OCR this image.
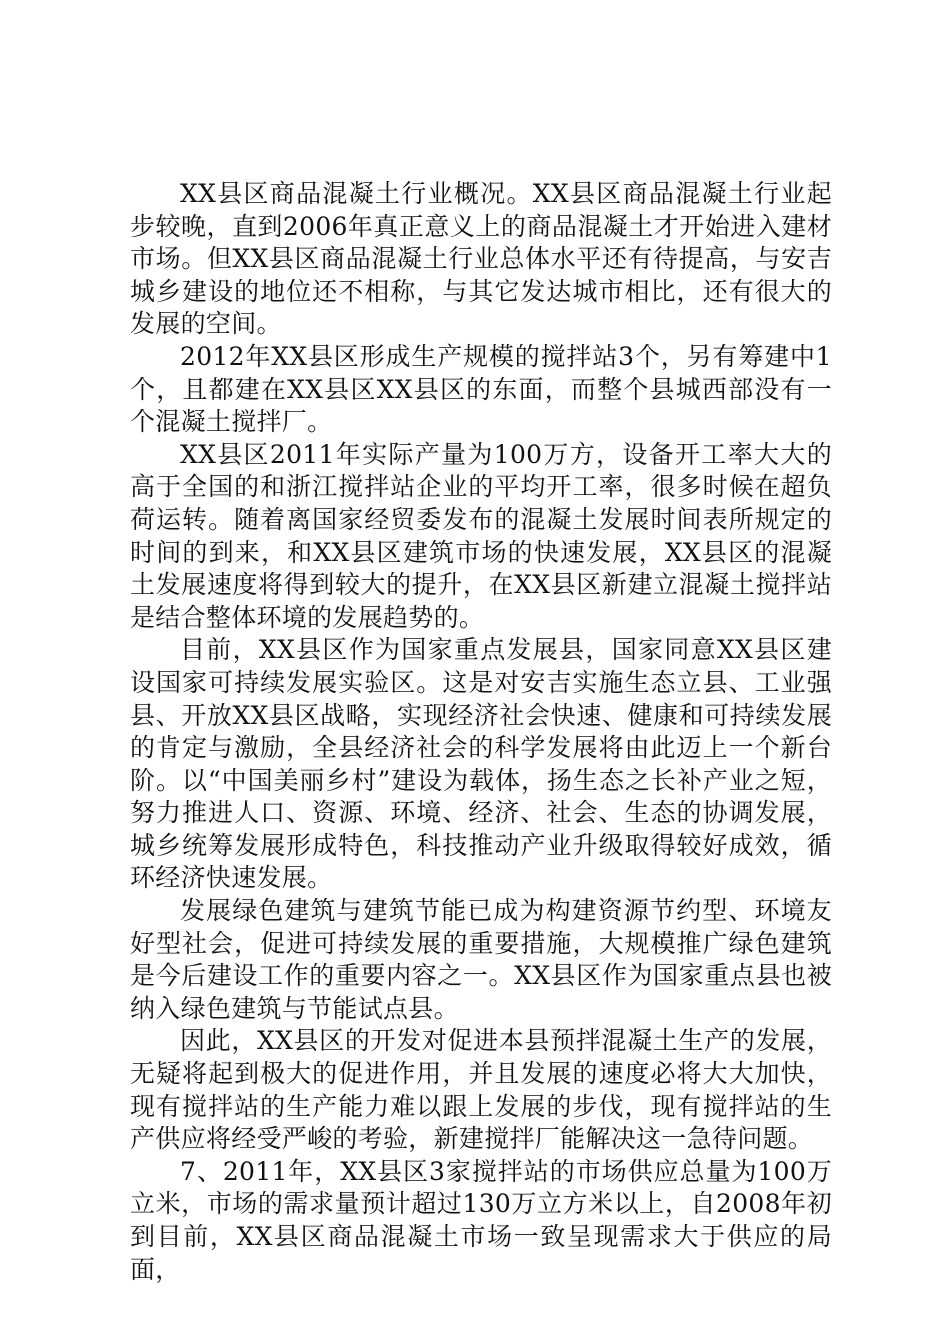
XX县区商品混凝土行业概况。XX县区商品混凝土行业起步较晚，直到2006年真正意义上的商品混凝土才开始进入建材市场。但XX县区商品混凝土行业总体水平还有待提高，与安吉城乡建设的地位还不相称，与其它发达城市相比，还有很大的发展的空间。

2012年XX县区形成生产规模的搅拌站3个，另有筹建中1个，且都建在XX县区XX县区的东面，而整个县城西部没有一个混凝土搅拌厂。

XX县区2011年实际产量为100万方，设备开工率大大的高于全国的和浙江搅拌站企业的平均开工率，很多时候在超负荷运转。随着离国家经贸委发布的混凝土发展时间表所规定的时间的到来，和XX县区建筑市场的快速发展，XX县区的混凝土发展速度将得到较大的提升，在XX县区新建立混凝土搅拌站是结合整体环境的发展趋势的。

目前，XX县区作为国家重点发展县，国家同意XX县区建设国家可持续发展实验区。这是对安吉实施生态立县、工业强县、开放XX县区战略，实现经济社会快速、健康和可持续发展的肯定与激励，全县经济社会的科学发展将由此迈上一个新台阶。以“中国美丽乡村”建设为载体，扬生态之长补产业之短，努力推进人口、资源、环境、经济、社会、生态的协调发展，城乡统筹发展形成特色，科技推动产业升级取得较好成效，循环经济快速发展。

发展绿色建筑与建筑节能已成为构建资源节约型、环境友好型社会，促进可持续发展的重要措施，大规模推广绿色建筑是今后建设工作的重要内容之一。XX县区作为国家重点县也被纳入绿色建筑与节能试点县。

因此，XX县区的开发对促进本县预拌混凝土生产的发展，无疑将起到极大的促进作用，并且发展的速度必将大大加快，现有搅拌站的生产能力难以跟上发展的步伐，现有搅拌站的生产供应将经受严峻的考验，新建搅拌厂能解决这一急待问题。

7、2011年，XX县区3家搅拌站的市场供应总量为100万立米，市场的需求量预计超过130万立方米以上，自2008年初到目前，XX县区商品混凝土市场一致呈现需求大于供应的局面，
